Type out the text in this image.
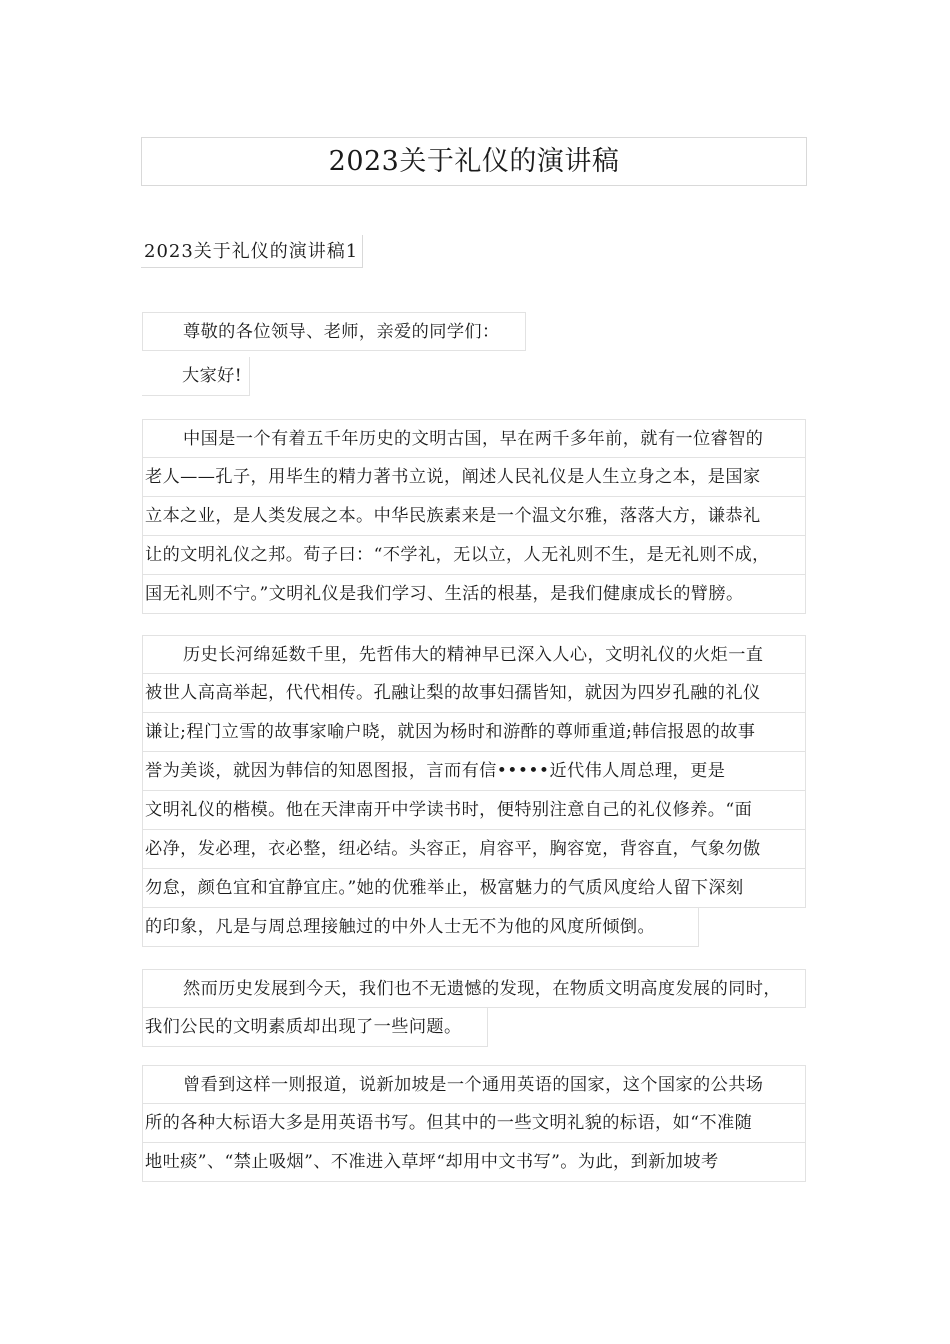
2023关于礼仪的演讲稿
2023关于礼仪的演讲稿1
尊敬的各位领导、老师，亲爱的同学们：
大家好!
中国是一个有着五千年历史的文明古国，早在两千多年前，就有一位睿智的
老人——孔子，用毕生的精力著书立说，阐述人民礼仪是人生立身之本，是国家
立本之业，是人类发展之本。中华民族素来是一个温文尔雅，落落大方，谦恭礼
让的文明礼仪之邦。荀子曰：“不学礼，无以立，人无礼则不生，是无礼则不成，
国无礼则不宁。”文明礼仪是我们学习、生活的根基，是我们健康成长的臂膀。
历史长河绵延数千里，先哲伟大的精神早已深入人心，文明礼仪的火炬一直
被世人高高举起，代代相传。孔融让梨的故事妇孺皆知，就因为四岁孔融的礼仪
谦让;程门立雪的故事家喻户晓，就因为杨时和游酢的尊师重道;韩信报恩的故事
誉为美谈，就因为韩信的知恩图报，言而有信•••••近代伟人周总理，更是
文明礼仪的楷模。他在天津南开中学读书时，便特别注意自己的礼仪修养。“面
必净，发必理，衣必整，纽必结。头容正，肩容平，胸容宽，背容直，气象勿傲
勿怠，颜色宜和宜静宜庄。”她的优雅举止，极富魅力的气质风度给人留下深刻
的印象，凡是与周总理接触过的中外人士无不为他的风度所倾倒。
然而历史发展到今天，我们也不无遗憾的发现，在物质文明高度发展的同时，
我们公民的文明素质却出现了一些问题。
曾看到这样一则报道，说新加坡是一个通用英语的国家，这个国家的公共场
所的各种大标语大多是用英语书写。但其中的一些文明礼貌的标语，如“不准随
地吐痰”、“禁止吸烟”、不准进入草坪“却用中文书写”。为此，到新加坡考
